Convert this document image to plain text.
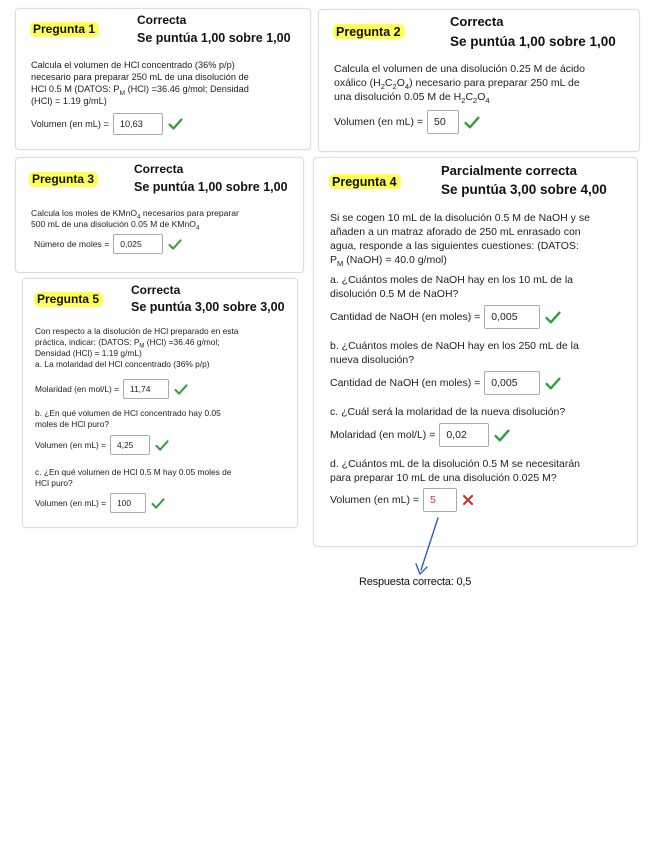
Pregunta 1
Correcta
Se puntúa 1,00 sobre 1,00
Calcula el volumen de HCl concentrado (36% p/p)
necesario para preparar 250 mL de una disolución de
HCl 0.5 M (DATOS: $P_M$ (HCl) =36.46 g/mol; Densidad
(HCl) = 1.19 g/mL)
Volumen (en mL) =	10,63
Pregunta 2
Correcta
Se puntúa 1,00 sobre 1,00
Calcula el volumen de una disolución 0.25 M de ácido
oxálico $(H_2C_2O_4)$ necesario para preparar 250 mL de
una disolución 0.05 M de $H_2C_2O_4$
Volumen (en mL) =	50
Pregunta 3
Correcta
Se puntúa 1,00 sobre 1,00
Calcula los moles de KMnO$_4$ necesarios para preparar
500 mL de una disolución 0.05 M de KMnO$_4$
Número de moles =	0,025
Pregunta 4
Parcialmente correcta
Se puntúa 3,00 sobre 4,00
Si se cogen 10 mL de la disolución 0.5 M de NaOH y se
añaden a un matraz aforado de 250 mL enrasado con
agua, responde a las siguientes cuestiones: (DATOS:
$P_M$ (NaOH) = 40.0 g/mol)
a. ¿Cuántos moles de NaOH hay en los 10 mL de la
disolución 0.5 M de NaOH?
Cantidad de NaOH (en moles) =	0,005
b. ¿Cuántos moles de NaOH hay en los 250 mL de la
nueva disolución?
Cantidad de NaOH (en moles) =	0,005
c. ¿Cuál será la molaridad de la nueva disolución?
Molaridad (en mol/L) =	0,02
d. ¿Cuántos mL de la disolución 0.5 M se necesitarán
para preparar 10 mL de una disolución 0.025 M?
Volumen (en mL) =	5
Pregunta 5
Correcta
Se puntúa 3,00 sobre 3,00
Con respecto a la disolución de HCl preparado en esta
práctica, indicar: (DATOS: $P_M$ (HCl) =36.46 g/mol;
Densidad (HCl) = 1.19 g/mL)
a. La molaridad del HCl concentrado (36% p/p)
Molaridad (en mol/L) =	11,74
b. ¿En qué volumen de HCl concentrado hay 0.05
moles de HCl puro?
Volumen (en mL) =	4,25
c. ¿En qué volumen de HCl 0.5 M hay 0.05 moles de
HCl puro?
Volumen (en mL) =	100
Respuesta correcta: 0,5
